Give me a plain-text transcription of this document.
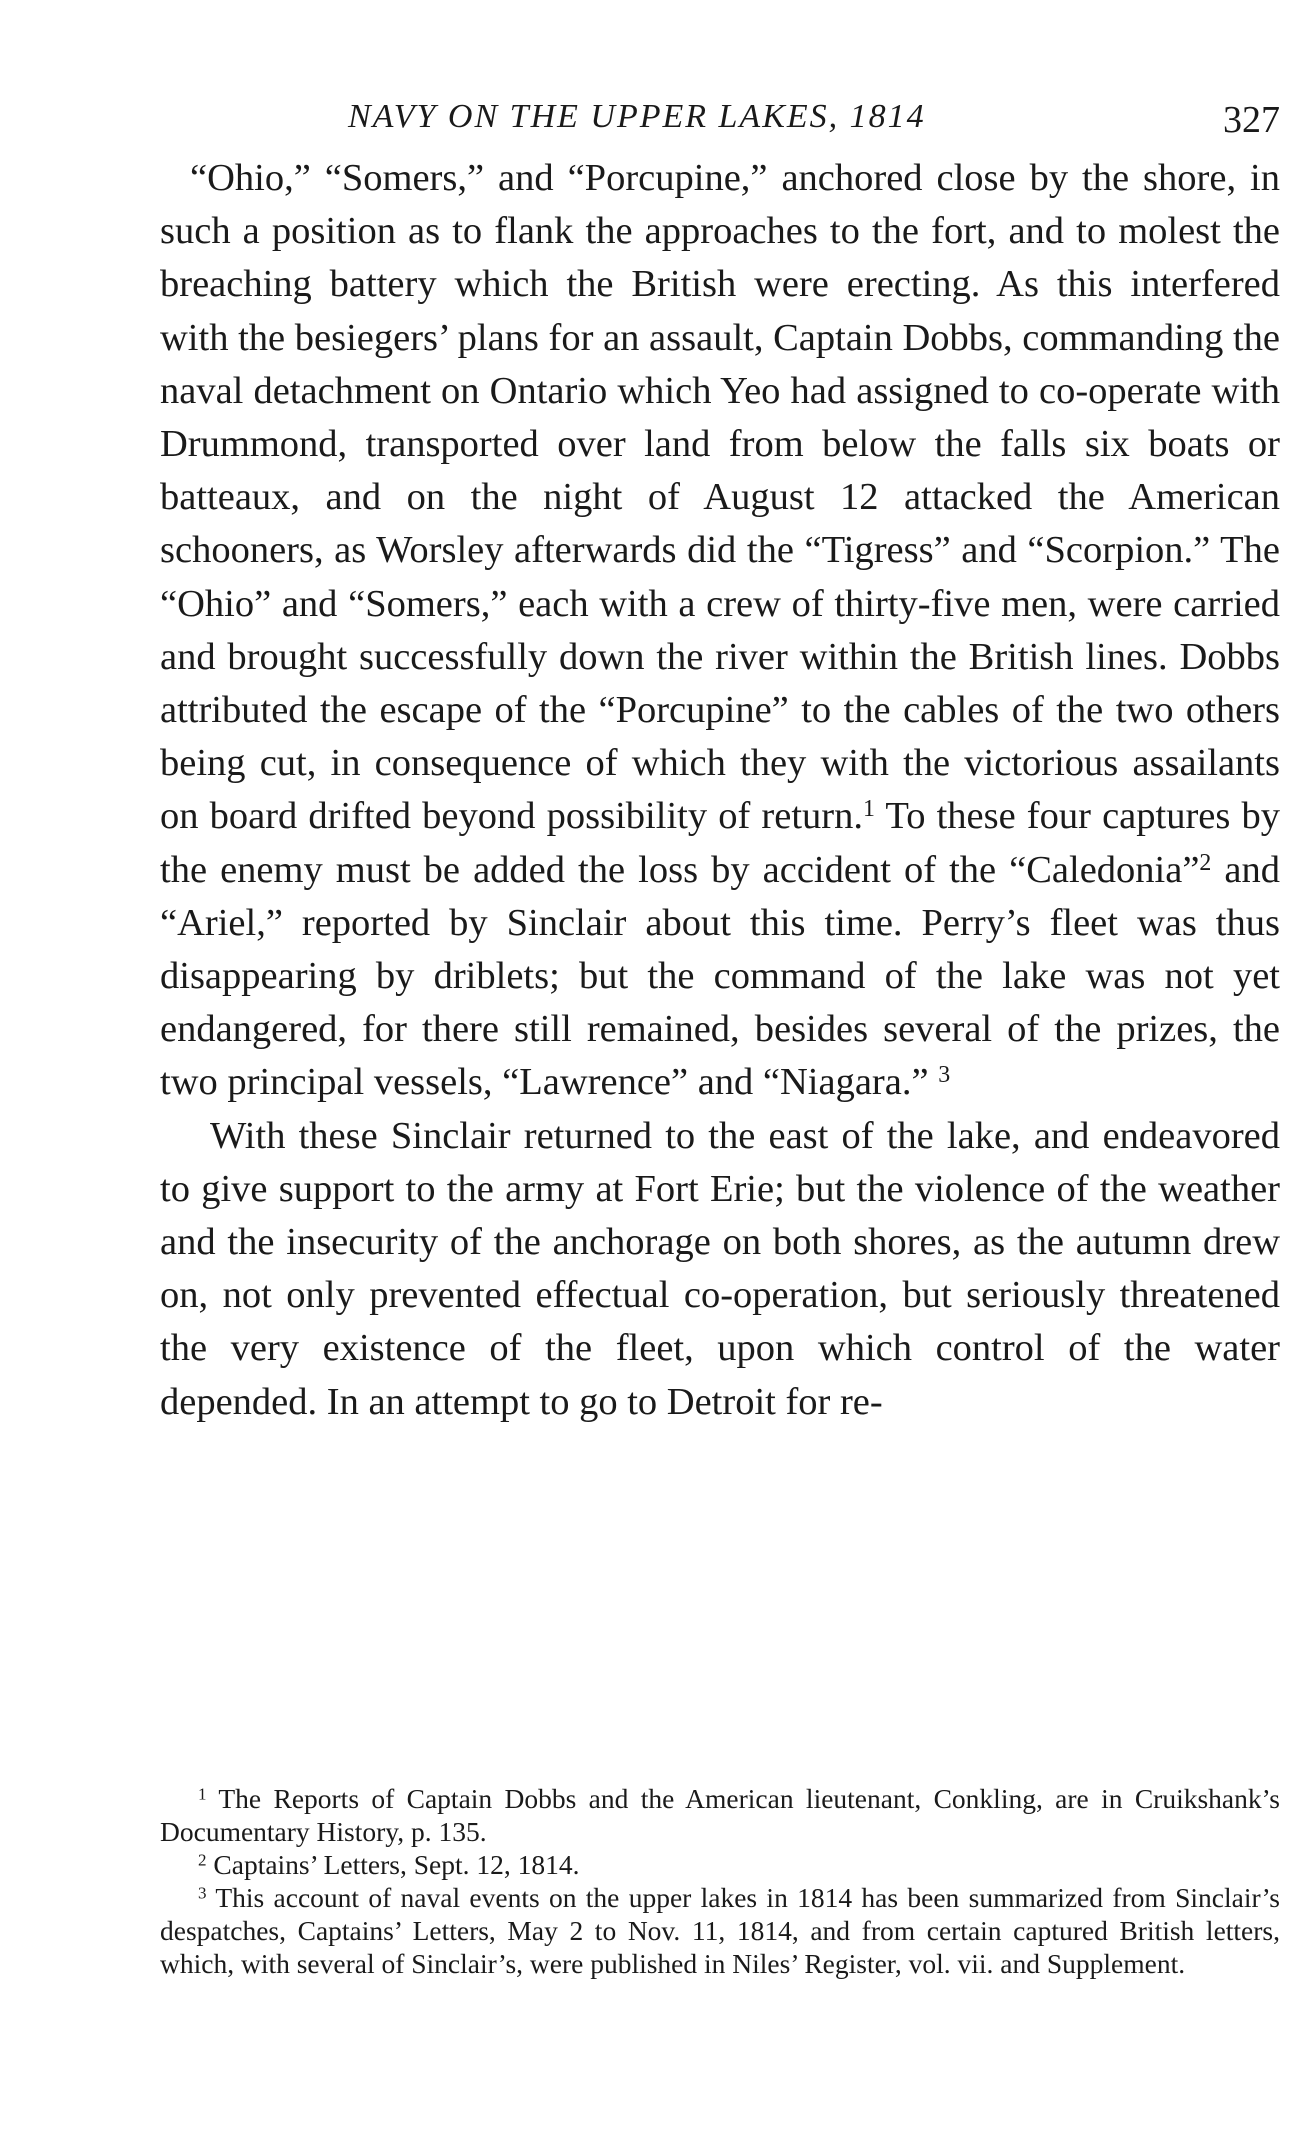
NAVY ON THE UPPER LAKES, 1814	327

“Ohio,” “Somers,” and “Porcupine,” anchored close by the shore, in such a position as to flank the approaches to the fort, and to molest the breaching battery which the British were erecting. As this interfered with the besiegers’ plans for an assault, Captain Dobbs, commanding the naval detachment on Ontario which Yeo had assigned to co-operate with Drummond, transported over land from below the falls six boats or batteaux, and on the night of August 12 attacked the American schooners, as Worsley afterwards did the “Tigress” and “Scorpion.” The “Ohio” and “Somers,” each with a crew of thirty-five men, were carried and brought successfully down the river within the British lines. Dobbs attributed the escape of the “Porcupine” to the cables of the two others being cut, in consequence of which they with the victorious assailants on board drifted beyond possibility of return.$^1$ To these four captures by the enemy must be added the loss by accident of the “Caledonia”$^2$ and “Ariel,” reported by Sinclair about this time. Perry’s fleet was thus disappearing by driblets; but the command of the lake was not yet endangered, for there still remained, besides several of the prizes, the two principal vessels, “Lawrence” and “Niagara.” $^3$

With these Sinclair returned to the east of the lake, and endeavored to give support to the army at Fort Erie; but the violence of the weather and the insecurity of the anchorage on both shores, as the autumn drew on, not only prevented effectual co-operation, but seriously threatened the very existence of the fleet, upon which control of the water depended. In an attempt to go to Detroit for re-

$^1$ The Reports of Captain Dobbs and the American lieutenant, Conkling, are in Cruikshank’s Documentary History, p. 135.

$^2$ Captains’ Letters, Sept. 12, 1814.

$^3$ This account of naval events on the upper lakes in 1814 has been summarized from Sinclair’s despatches, Captains’ Letters, May 2 to Nov. 11, 1814, and from certain captured British letters, which, with several of Sinclair’s, were published in Niles’ Register, vol. vii. and Supplement.
